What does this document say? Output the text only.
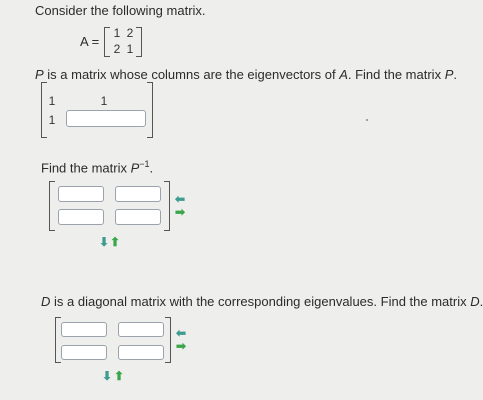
Consider the following matrix.
A =
1 2
2 1
P is a matrix whose columns are the eigenvectors of A. Find the matrix P.
1	1
1
Find the matrix $P^{-1}$.
⬅
➡
⬇ ⬆
D is a diagonal matrix with the corresponding eigenvalues. Find the matrix D.
⬅
➡
⬇ ⬆
